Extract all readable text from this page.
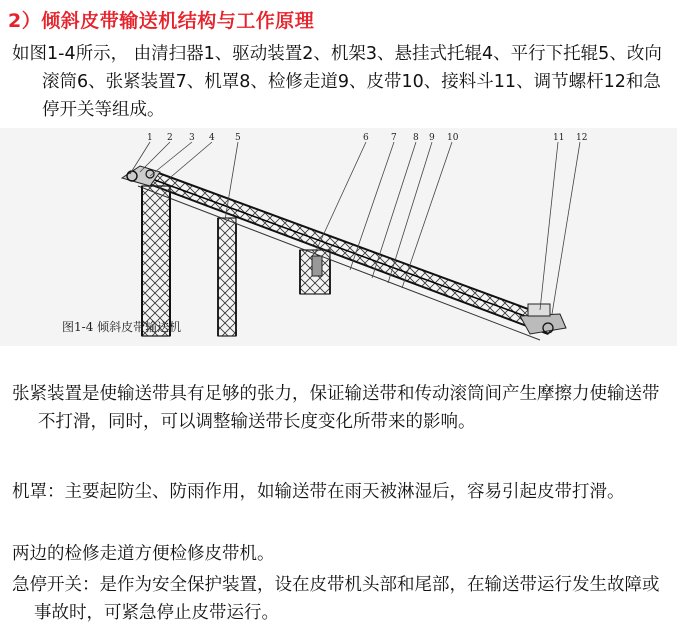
2）倾斜皮带输送机结构与工作原理

如图1-4所示， 由清扫器1、驱动装置2、机架3、悬挂式托辊4、平行下托辊5、改向滚筒6、张紧装置7、机罩8、检修走道9、皮带10、接料斗11、调节螺杆12和急停开关等组成。

1 2 3 4 5	6 7 8 9 10	11 12
图1-4 倾斜皮带输送机

张紧装置是使输送带具有足够的张力，保证输送带和传动滚筒间产生摩擦力使输送带不打滑，同时，可以调整输送带长度变化所带来的影响。

机罩：主要起防尘、防雨作用，如输送带在雨天被淋湿后，容易引起皮带打滑。

两边的检修走道方便检修皮带机。

急停开关：是作为安全保护装置，设在皮带机头部和尾部，在输送带运行发生故障或事故时，可紧急停止皮带运行。
